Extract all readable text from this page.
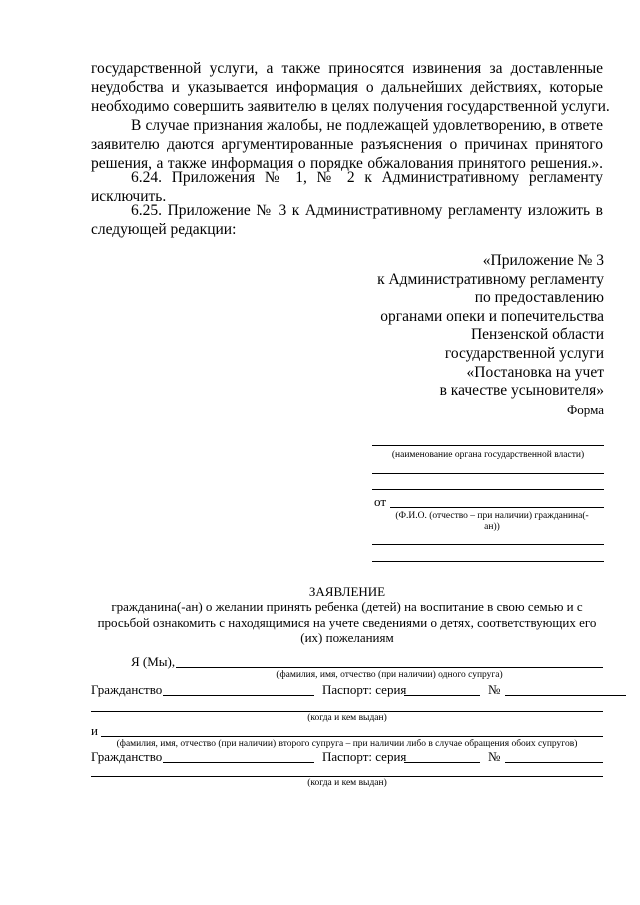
государственной услуги, а также приносятся извинения за доставленные
неудобства и указывается информация о дальнейших действиях, которые
необходимо совершить заявителю в целях получения государственной услуги.
В случае признания жалобы, не подлежащей удовлетворению, в ответе
заявителю даются аргументированные разъяснения о причинах принятого
решения, а также информация о порядке обжалования принятого решения.».
6.24. Приложения № 1, № 2 к Административному регламенту
исключить.
6.25. Приложение № 3 к Административному регламенту изложить в
следующей редакции:
«Приложение № 3
к Административному регламенту
по предоставлению
органами опеки и попечительства
Пензенской области
государственной услуги
«Постановка на учет
в качестве усыновителя»
Форма
(наименование органа государственной власти)
от
(Ф.И.О. (отчество – при наличии) гражданина(-
ан))
ЗАЯВЛЕНИЕ
гражданина(-ан) о желании принять ребенка (детей) на воспитание в свою семью и с
просьбой ознакомить с находящимися на учете сведениями о детях, соответствующих его
(их) пожеланиям
Я (Мы),
(фамилия, имя, отчество (при наличии) одного супруга)
Гражданство	Паспорт: серия	№
(когда и кем выдан)
и
(фамилия, имя, отчество (при наличии) второго супруга – при наличии либо в случае обращения обоих супругов)
Гражданство	Паспорт: серия	№
(когда и кем выдан)
